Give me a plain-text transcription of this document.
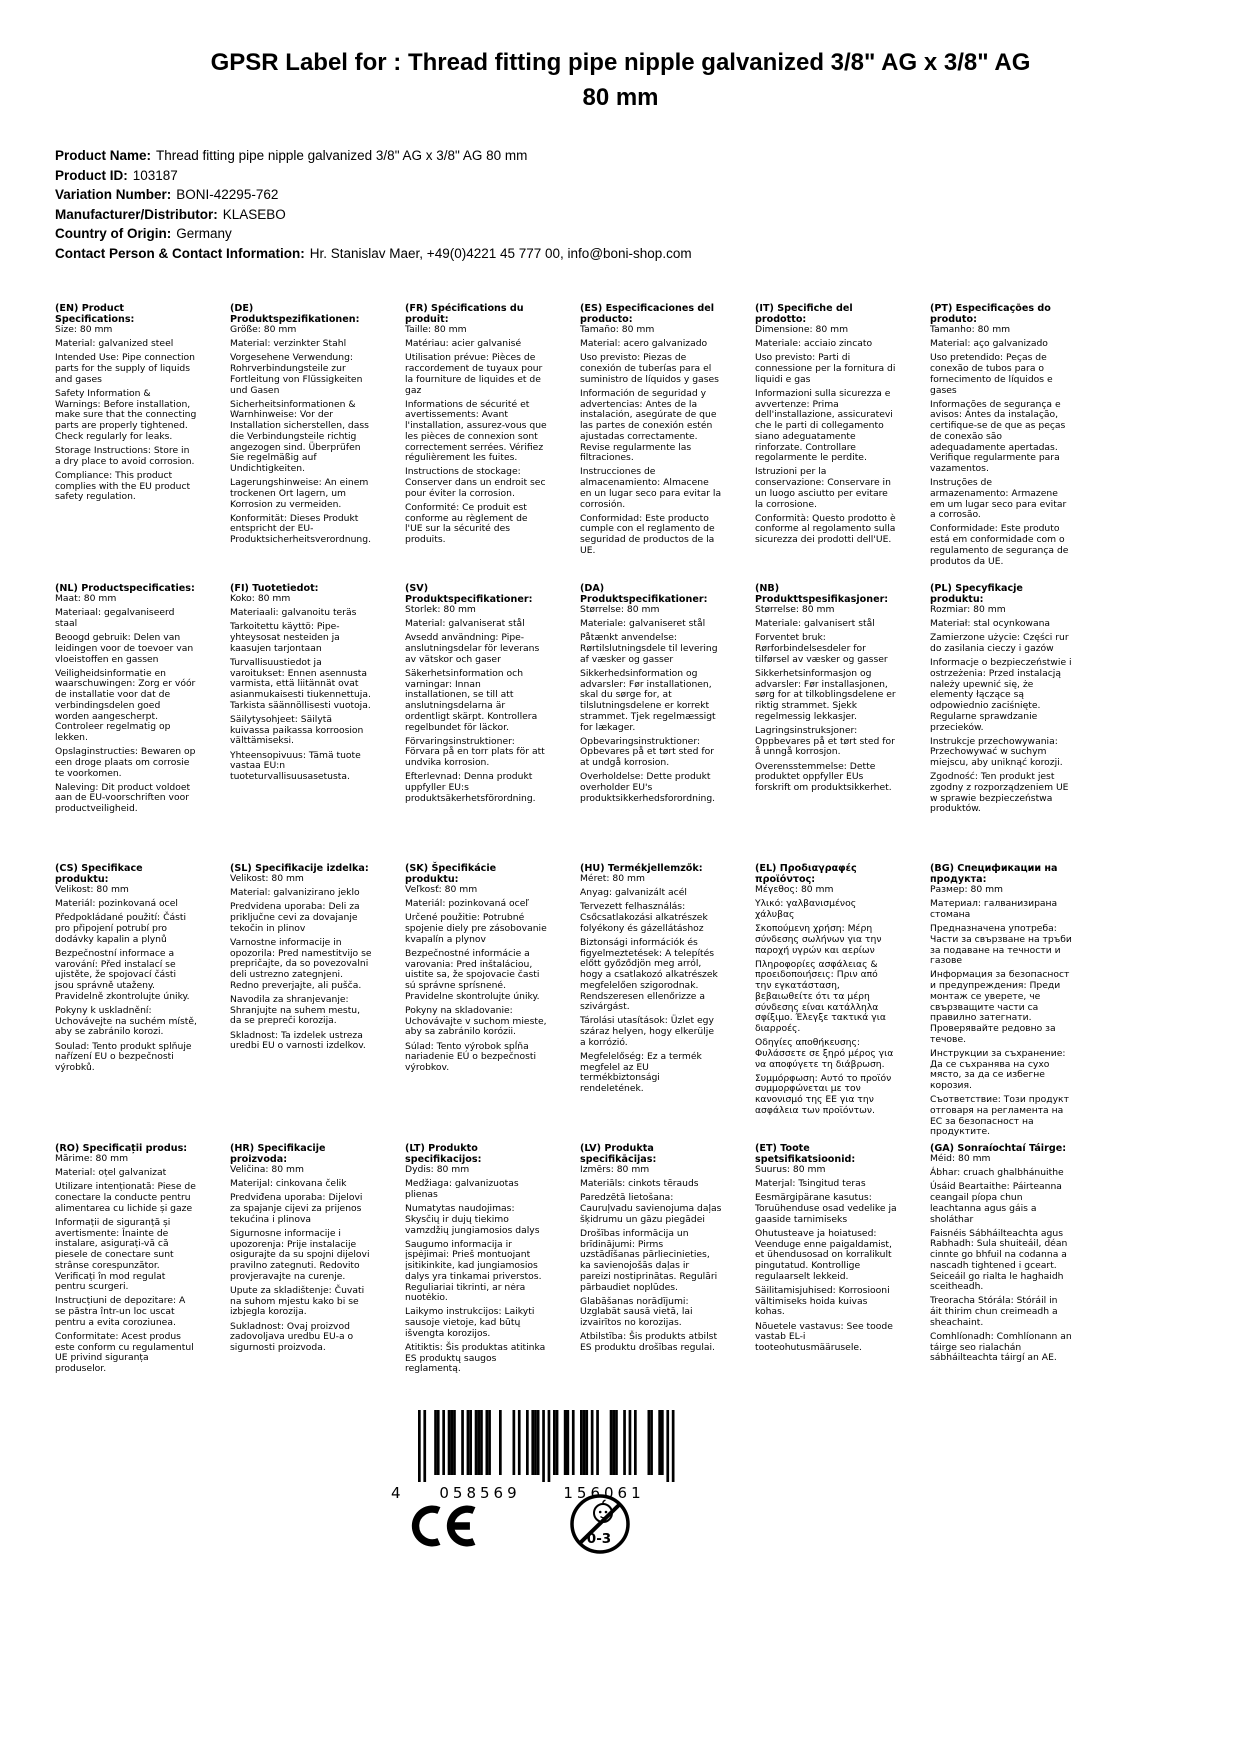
GPSR Label for : Thread fitting pipe nipple galvanized 3/8" AG x 3/8" AG 80 mm
Product Name: Thread fitting pipe nipple galvanized 3/8" AG x 3/8" AG 80 mm
Product ID: 103187
Variation Number: BONI-42295-762
Manufacturer/Distributor: KLASEBO
Country of Origin: Germany
Contact Person & Contact Information: Hr. Stanislav Maer, +49(0)4221 45 777 00, info@boni-shop.com
(EN) Product Specifications:

Size: 80 mm

Material: galvanized steel

Intended Use: Pipe connection parts for the supply of liquids and gases

Safety Information & Warnings: Before installation, make sure that the connecting parts are properly tightened. Check regularly for leaks.

Storage Instructions: Store in a dry place to avoid corrosion.

Compliance: This product complies with the EU product safety regulation.

(DE) Produktspezifikationen:

Größe: 80 mm

Material: verzinkter Stahl

Vorgesehene Verwendung: Rohrverbindungsteile zur Fortleitung von Flüssigkeiten und Gasen

Sicherheitsinformationen & Warnhinweise: Vor der Installation sicherstellen, dass die Verbindungsteile richtig angezogen sind. Überprüfen Sie regelmäßig auf Undichtigkeiten.

Lagerungshinweise: An einem trockenen Ort lagern, um Korrosion zu vermeiden.

Konformität: Dieses Produkt entspricht der EU-Produktsicherheitsverordnung.

(FR) Spécifications du produit:

Taille: 80 mm

Matériau: acier galvanisé

Utilisation prévue: Pièces de raccordement de tuyaux pour la fourniture de liquides et de gaz

Informations de sécurité et avertissements: Avant l'installation, assurez-vous que les pièces de connexion sont correctement serrées. Vérifiez régulièrement les fuites.

Instructions de stockage: Conserver dans un endroit sec pour éviter la corrosion.

Conformité: Ce produit est conforme au règlement de l'UE sur la sécurité des produits.

(ES) Especificaciones del producto:

Tamaño: 80 mm

Material: acero galvanizado

Uso previsto: Piezas de conexión de tuberías para el suministro de líquidos y gases

Información de seguridad y advertencias: Antes de la instalación, asegúrate de que las partes de conexión estén ajustadas correctamente. Revise regularmente las filtraciones.

Instrucciones de almacenamiento: Almacene en un lugar seco para evitar la corrosión.

Conformidad: Este producto cumple con el reglamento de seguridad de productos de la UE.

(IT) Specifiche del prodotto:

Dimensione: 80 mm

Materiale: acciaio zincato

Uso previsto: Parti di connessione per la fornitura di liquidi e gas

Informazioni sulla sicurezza e avvertenze: Prima dell'installazione, assicuratevi che le parti di collegamento siano adeguatamente rinforzate. Controllare regolarmente le perdite.

Istruzioni per la conservazione: Conservare in un luogo asciutto per evitare la corrosione.

Conformità: Questo prodotto è conforme al regolamento sulla sicurezza dei prodotti dell'UE.

(PT) Especificações do produto:

Tamanho: 80 mm

Material: aço galvanizado

Uso pretendido: Peças de conexão de tubos para o fornecimento de líquidos e gases

Informações de segurança e avisos: Antes da instalação, certifique-se de que as peças de conexão são adequadamente apertadas. Verifique regularmente para vazamentos.

Instruções de armazenamento: Armazene em um lugar seco para evitar a corrosão.

Conformidade: Este produto está em conformidade com o regulamento de segurança de produtos da UE.

(NL) Productspecificaties:

Maat: 80 mm

Materiaal: gegalvaniseerd staal

Beoogd gebruik: Delen van leidingen voor de toevoer van vloeistoffen en gassen

Veiligheidsinformatie en waarschuwingen: Zorg er vóór de installatie voor dat de verbindingsdelen goed worden aangescherpt. Controleer regelmatig op lekken.

Opslaginstructies: Bewaren op een droge plaats om corrosie te voorkomen.

Naleving: Dit product voldoet aan de EU-voorschriften voor productveiligheid.

(FI) Tuotetiedot:

Koko: 80 mm

Materiaali: galvanoitu teräs

Tarkoitettu käyttö: Pipe-yhteysosat nesteiden ja kaasujen tarjontaan

Turvallisuustiedot ja varoitukset: Ennen asennusta varmista, että liitännät ovat asianmukaisesti tiukennettuja. Tarkista säännöllisesti vuotoja.

Säilytysohjeet: Säilytä kuivassa paikassa korroosion välttämiseksi.

Yhteensopivuus: Tämä tuote vastaa EU:n tuoteturvallisuusasetusta.

(SV) Produktspecifikationer:

Storlek: 80 mm

Material: galvaniserat stål

Avsedd användning: Pipe-anslutningsdelar för leverans av vätskor och gaser

Säkerhetsinformation och varningar: Innan installationen, se till att anslutningsdelarna är ordentligt skärpt. Kontrollera regelbundet för läckor.

Förvaringsinstruktioner: Förvara på en torr plats för att undvika korrosion.

Efterlevnad: Denna produkt uppfyller EU:s produktsäkerhetsförordning.

(DA) Produktspecifikationer:

Størrelse: 80 mm

Materiale: galvaniseret stål

Påtænkt anvendelse: Rørtilslutningsdele til levering af væsker og gasser

Sikkerhedsinformation og advarsler: Før installationen, skal du sørge for, at tilslutningsdelene er korrekt strammet. Tjek regelmæssigt for lækager.

Opbevaringsinstruktioner: Opbevares på et tørt sted for at undgå korrosion.

Overholdelse: Dette produkt overholder EU's produktsikkerhedsforordning.

(NB) Produkttspesifikasjoner:

Størrelse: 80 mm

Materiale: galvanisert stål

Forventet bruk: Rørforbindelsesdeler for tilførsel av væsker og gasser

Sikkerhetsinformasjon og advarsler: Før installasjonen, sørg for at tilkoblingsdelene er riktig strammet. Sjekk regelmessig lekkasjer.

Lagringsinstruksjoner: Oppbevares på et tørt sted for å unngå korrosjon.

Overensstemmelse: Dette produktet oppfyller EUs forskrift om produktsikkerhet.

(PL) Specyfikacje produktu:

Rozmiar: 80 mm

Materiał: stal ocynkowana

Zamierzone użycie: Części rur do zasilania cieczy i gazów

Informacje o bezpieczeństwie i ostrzeżenia: Przed instalacją należy upewnić się, że elementy łączące są odpowiednio zaciśnięte. Regularne sprawdzanie przecieków.

Instrukcje przechowywania: Przechowywać w suchym miejscu, aby uniknąć korozji.

Zgodność: Ten produkt jest zgodny z rozporządzeniem UE w sprawie bezpieczeństwa produktów.

(CS) Specifikace produktu:

Velikost: 80 mm

Materiál: pozinkovaná ocel

Předpokládané použití: Části pro připojení potrubí pro dodávky kapalin a plynů

Bezpečnostní informace a varování: Před instalací se ujistěte, že spojovací části jsou správně utaženy. Pravidelně zkontrolujte úniky.

Pokyny k uskladnění: Uchovávejte na suchém místě, aby se zabránilo korozi.

Soulad: Tento produkt splňuje nařízení EU o bezpečnosti výrobků.

(SL) Specifikacije izdelka:

Velikost: 80 mm

Material: galvanizirano jeklo

Predvidena uporaba: Deli za priključne cevi za dovajanje tekočin in plinov

Varnostne informacije in opozorila: Pred namestitvijo se prepričajte, da so povezovalni deli ustrezno zategnjeni. Redno preverjajte, ali pušča.

Navodila za shranjevanje: Shranjujte na suhem mestu, da se prepreči korozija.

Skladnost: Ta izdelek ustreza uredbi EU o varnosti izdelkov.

(SK) Špecifikácie produktu:

Veľkosť: 80 mm

Materiál: pozinkovaná oceľ

Určené použitie: Potrubné spojenie diely pre zásobovanie kvapalín a plynov

Bezpečnostné informácie a varovania: Pred inštaláciou, uistite sa, že spojovacie časti sú správne sprísnené. Pravidelne skontrolujte úniky.

Pokyny na skladovanie: Uchovávajte v suchom mieste, aby sa zabránilo korózii.

Súlad: Tento výrobok spĺňa nariadenie EÚ o bezpečnosti výrobkov.

(HU) Termékjellemzők:

Méret: 80 mm

Anyag: galvanizált acél

Tervezett felhasználás: Csőcsatlakozási alkatrészek folyékony és gázellátáshoz

Biztonsági információk és figyelmeztetések: A telepítés előtt győződjön meg arról, hogy a csatlakozó alkatrészek megfelelően szigorodnak. Rendszeresen ellenőrizze a szivárgást.

Tárolási utasítások: Üzlet egy száraz helyen, hogy elkerülje a korrózió.

Megfelelőség: Ez a termék megfelel az EU termékbiztonsági rendeletének.

(EL) Προδιαγραφές προϊόντος:

Μέγεθος: 80 mm

Υλικό: γαλβανισμένος χάλυβας

Σκοπούμενη χρήση: Μέρη σύνδεσης σωλήνων για την παροχή υγρών και αερίων

Πληροφορίες ασφάλειας & προειδοποιήσεις: Πριν από την εγκατάσταση, βεβαιωθείτε ότι τα μέρη σύνδεσης είναι κατάλληλα σφίξιμο. Έλεγξε τακτικά για διαρροές.

Οδηγίες αποθήκευσης: Φυλάσσετε σε ξηρό μέρος για να αποφύγετε τη διάβρωση.

Συμμόρφωση: Αυτό το προϊόν συμμορφώνεται με τον κανονισμό της ΕΕ για την ασφάλεια των προϊόντων.

(BG) Спецификации на продукта:

Размер: 80 mm

Материал: галванизирана стомана

Предназначена употреба: Части за свързване на тръби за подаване на течности и газове

Информация за безопасност и предупреждения: Преди монтаж се уверете, че свързващите части са правилно затегнати. Проверявайте редовно за течове.

Инструкции за съхранение: Да се съхранява на сухо място, за да се избегне корозия.

Съответствие: Този продукт отговаря на регламента на ЕС за безопасност на продуктите.

(RO) Specificații produs:

Mărime: 80 mm

Material: oțel galvanizat

Utilizare intenționată: Piese de conectare la conducte pentru alimentarea cu lichide și gaze

Informații de siguranță și avertismente: Înainte de instalare, asigurați-vă că piesele de conectare sunt strânse corespunzător. Verificați în mod regulat pentru scurgeri.

Instrucțiuni de depozitare: A se păstra într-un loc uscat pentru a evita coroziunea.

Conformitate: Acest produs este conform cu regulamentul UE privind siguranța produselor.

(HR) Specifikacije proizvoda:

Veličina: 80 mm

Materijal: cinkovana čelik

Predviđena uporaba: Dijelovi za spajanje cijevi za prijenos tekućina i plinova

Sigurnosne informacije i upozorenja: Prije instalacije osigurajte da su spojni dijelovi pravilno zategnuti. Redovito provjeravajte na curenje.

Upute za skladištenje: Čuvati na suhom mjestu kako bi se izbjegla korozija.

Sukladnost: Ovaj proizvod zadovoljava uredbu EU-a o sigurnosti proizvoda.

(LT) Produkto specifikacijos:

Dydis: 80 mm

Medžiaga: galvanizuotas plienas

Numatytas naudojimas: Skysčių ir dujų tiekimo vamzdžių jungiamosios dalys

Saugumo informacija ir įspėjimai: Prieš montuojant įsitikinkite, kad jungiamosios dalys yra tinkamai priverstos. Reguliariai tikrinti, ar nėra nuotėkio.

Laikymo instrukcijos: Laikyti sausoje vietoje, kad būtų išvengta korozijos.

Atitiktis: Šis produktas atitinka ES produktų saugos reglamentą.

(LV) Produkta specifikācijas:

Izmērs: 80 mm

Materiāls: cinkots tērauds

Paredzētā lietošana: Cauruļvadu savienojuma daļas šķidrumu un gāzu piegādei

Drošības informācija un brīdinājumi: Pirms uzstādīšanas pārliecinieties, ka savienojošās daļas ir pareizi nostiprinātas. Regulāri pārbaudiet noplūdes.

Glabāšanas norādījumi: Uzglabāt sausā vietā, lai izvairītos no korozijas.

Atbilstība: Šis produkts atbilst ES produktu drošības regulai.

(ET) Toote spetsifikatsioonid:

Suurus: 80 mm

Materjal: Tsingitud teras

Eesmärgipärane kasutus: Toruühenduse osad vedelike ja gaaside tarnimiseks

Ohutusteave ja hoiatused: Veenduge enne paigaldamist, et ühendusosad on korralikult pingutatud. Kontrollige regulaarselt lekkeid.

Säilitamisjuhised: Korrosiooni vältimiseks hoida kuivas kohas.

Nõuetele vastavus: See toode vastab EL-i tooteohutusmäärusele.

(GA) Sonraíochtaí Táirge:

Méid: 80 mm

Ábhar: cruach ghalbhánuithe

Úsáid Beartaithe: Páirteanna ceangail píopa chun leachtanna agus gáis a sholáthar

Faisnéis Sábháilteachta agus Rabhadh: Sula shuiteáil, déan cinnte go bhfuil na codanna a nascadh tightened i gceart. Seiceáil go rialta le haghaidh sceitheadh.

Treoracha Stórála: Stóráil in áit thirim chun creimeadh a sheachaint.

Comhlíonadh: Comhlíonann an táirge seo rialachán sábháilteachta táirgí an AE.

4	058569	156061
0-3
